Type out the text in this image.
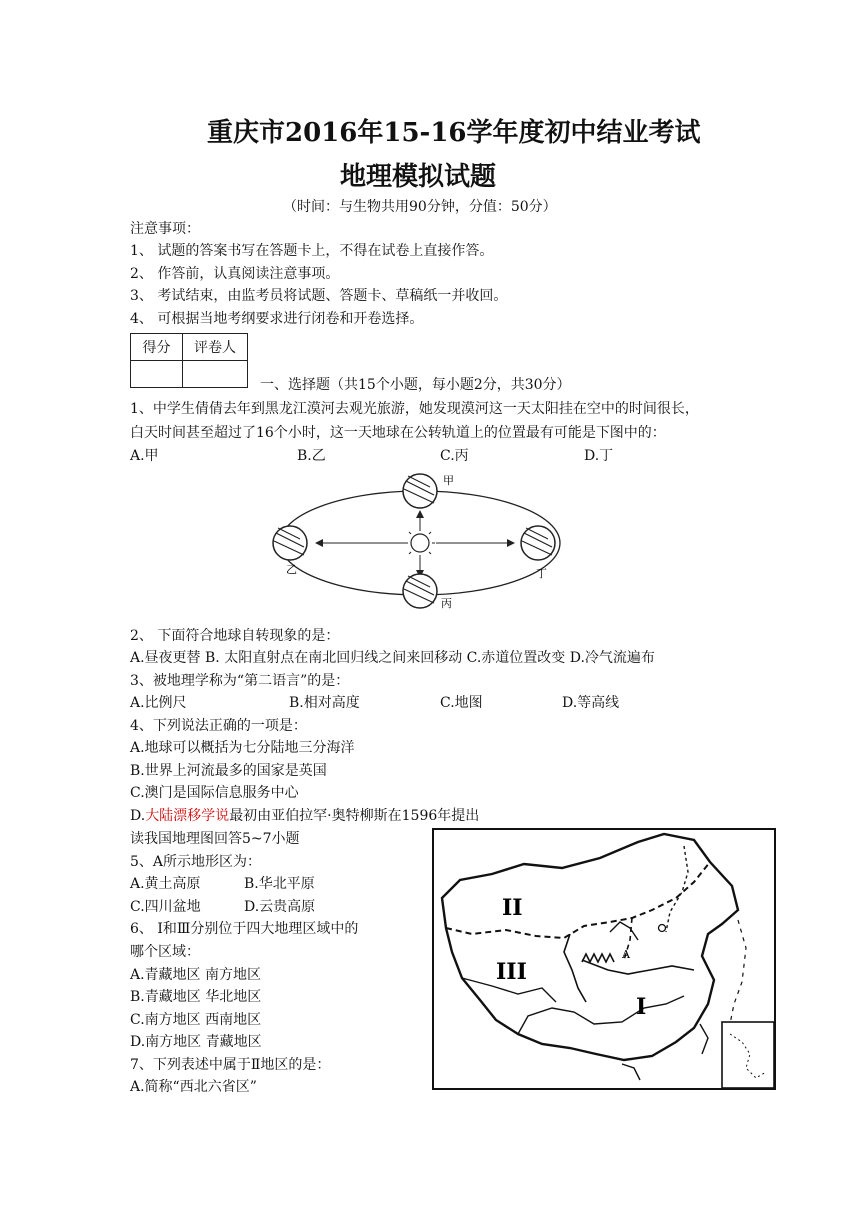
重庆市2016年15-16学年度初中结业考试
地理模拟试题
（时间：与生物共用90分钟，分值：50分）
注意事项：
1、 试题的答案书写在答题卡上，不得在试卷上直接作答。
2、 作答前，认真阅读注意事项。
3、 考试结束，由监考员将试题、答题卡、草稿纸一并收回。
4、 可根据当地考纲要求进行闭卷和开卷选择。
得分	评卷人

一、选择题（共15个小题，每小题2分，共30分）
1、中学生倩倩去年到黑龙江漠河去观光旅游，她发现漠河这一天太阳挂在空中的时间很长，
白天时间甚至超过了16个小时，这一天地球在公转轨道上的位置最有可能是下图中的：
A.甲	B.乙	C.丙	D.丁
甲
乙
丙
丁
2、 下面符合地球自转现象的是：
A.昼夜更替 B. 太阳直射点在南北回归线之间来回移动 C.赤道位置改变 D.冷气流遍布
3、被地理学称为“第二语言”的是：
A.比例尺	B.相对高度	C.地图	D.等高线
4、下列说法正确的一项是：
A.地球可以概括为七分陆地三分海洋
B.世界上河流最多的国家是英国
C.澳门是国际信息服务中心
D.大陆漂移学说最初由亚伯拉罕·奥特柳斯在1596年提出
读我国地理图回答5~7小题
5、A所示地形区为：
A.黄土高原	B.华北平原
C.四川盆地	D.云贵高原
6、 Ⅰ和Ⅲ分别位于四大地理区域中的
哪个区域：
A.青藏地区 南方地区
B.青藏地区 华北地区
C.南方地区 西南地区
D.南方地区 青藏地区
7、下列表述中属于Ⅱ地区的是：
A.简称“西北六省区”
II
III
I
A
